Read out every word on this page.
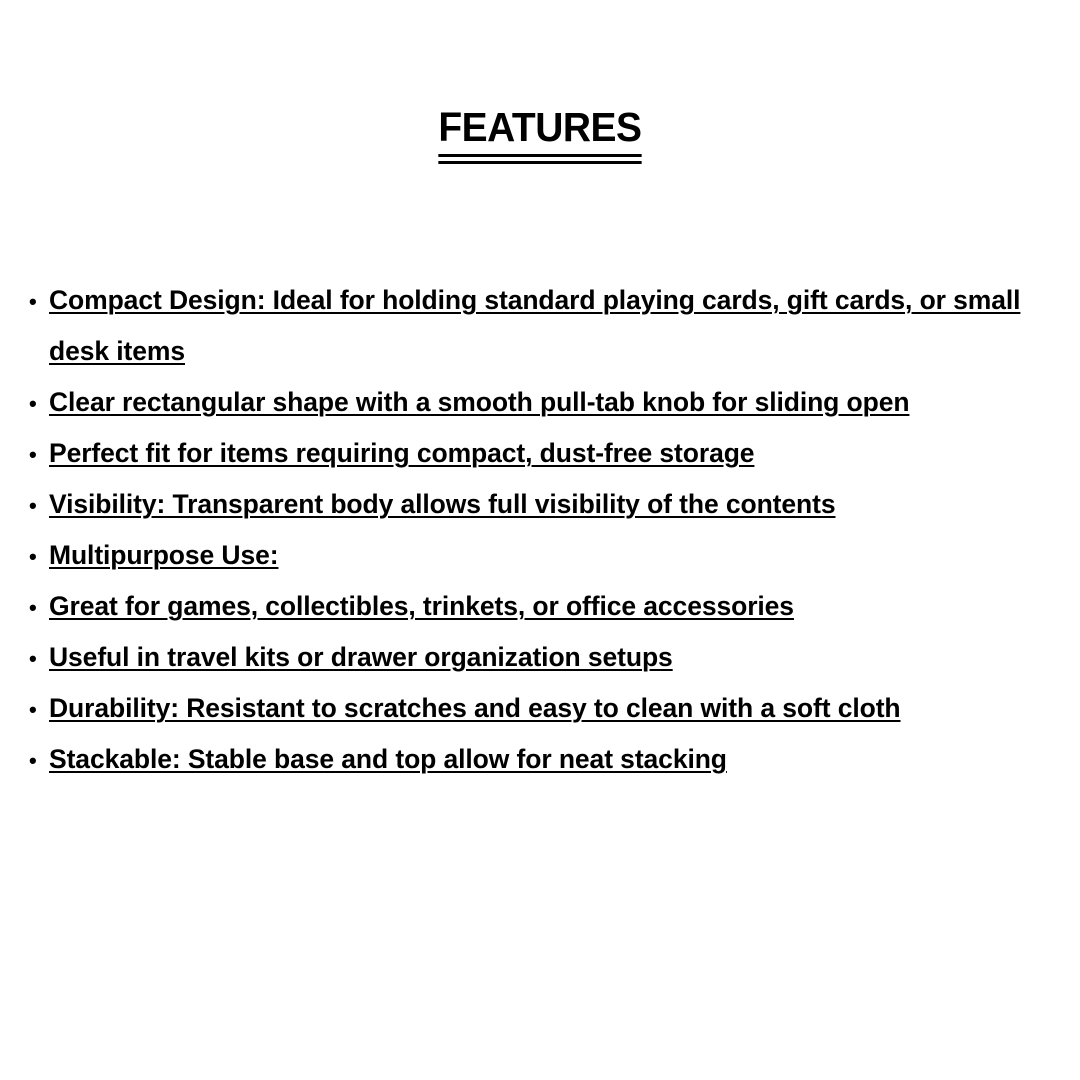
FEATURES
• Compact Design: Ideal for holding standard playing cards, gift cards, or small desk items
• Clear rectangular shape with a smooth pull-tab knob for sliding open
• Perfect fit for items requiring compact, dust-free storage
• Visibility: Transparent body allows full visibility of the contents
• Multipurpose Use:
• Great for games, collectibles, trinkets, or office accessories
• Useful in travel kits or drawer organization setups
• Durability: Resistant to scratches and easy to clean with a soft cloth
• Stackable: Stable base and top allow for neat stacking
